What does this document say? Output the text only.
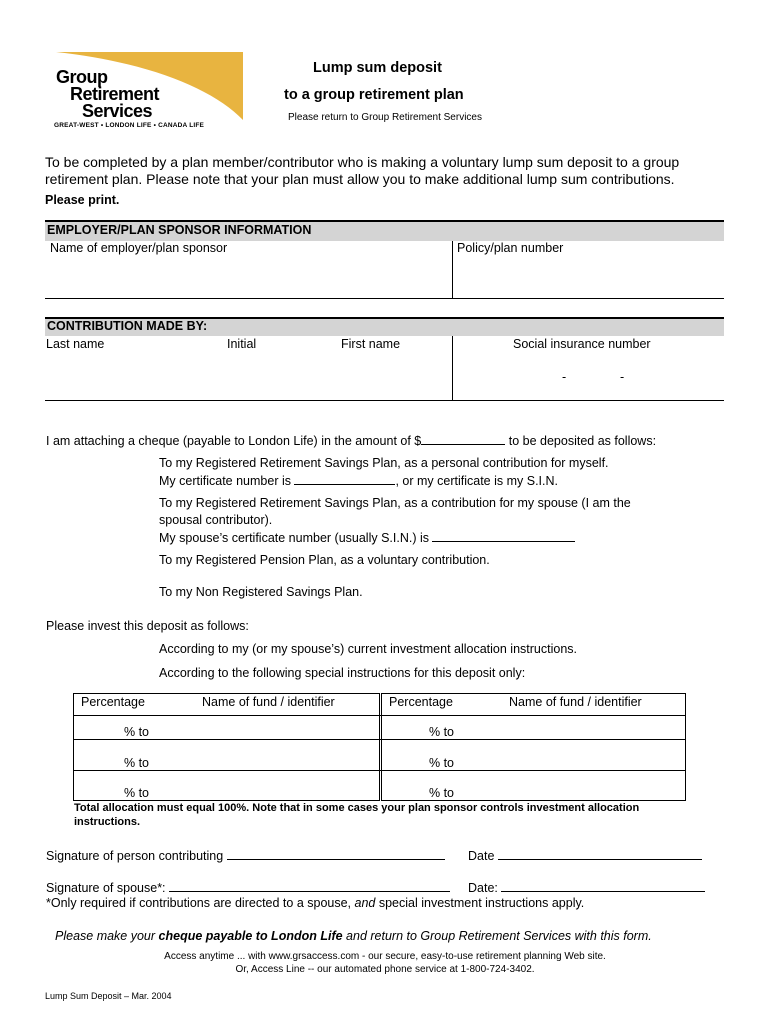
Group
Retirement
Services
GREAT-WEST • LONDON LIFE • CANADA LIFE
Lump sum deposit
to a group retirement plan
Please return to Group Retirement Services
To be completed by a plan member/contributor who is making a voluntary lump sum deposit to a group
retirement plan. Please note that your plan must allow you to make additional lump sum contributions.
Please print.
EMPLOYER/PLAN SPONSOR INFORMATION
Name of employer/plan sponsor	Policy/plan number
CONTRIBUTION MADE BY:
Last name	Initial	First name	Social insurance number
-	-
I am attaching a cheque (payable to London Life) in the amount of $	to be deposited as follows:
To my Registered Retirement Savings Plan, as a personal contribution for myself.
My certificate number is	, or my certificate is my S.I.N.
To my Registered Retirement Savings Plan, as a contribution for my spouse (I am the
spousal contributor).
My spouse’s certificate number (usually S.I.N.) is
To my Registered Pension Plan, as a voluntary contribution.
To my Non Registered Savings Plan.
Please invest this deposit as follows:
According to my (or my spouse’s) current investment allocation instructions.
According to the following special instructions for this deposit only:
Percentage	Name of fund / identifier	Percentage	Name of fund / identifier
% to	% to
% to	% to
% to	% to
Total allocation must equal 100%. Note that in some cases your plan sponsor controls investment allocation
instructions.
Signature of person contributing	Date
Signature of spouse*:	Date:
*Only required if contributions are directed to a spouse, and special investment instructions apply.
Please make your cheque payable to London Life and return to Group Retirement Services with this form.
Access anytime ... with www.grsaccess.com - our secure, easy-to-use retirement planning Web site.
Or, Access Line -- our automated phone service at 1-800-724-3402.
Lump Sum Deposit – Mar. 2004
